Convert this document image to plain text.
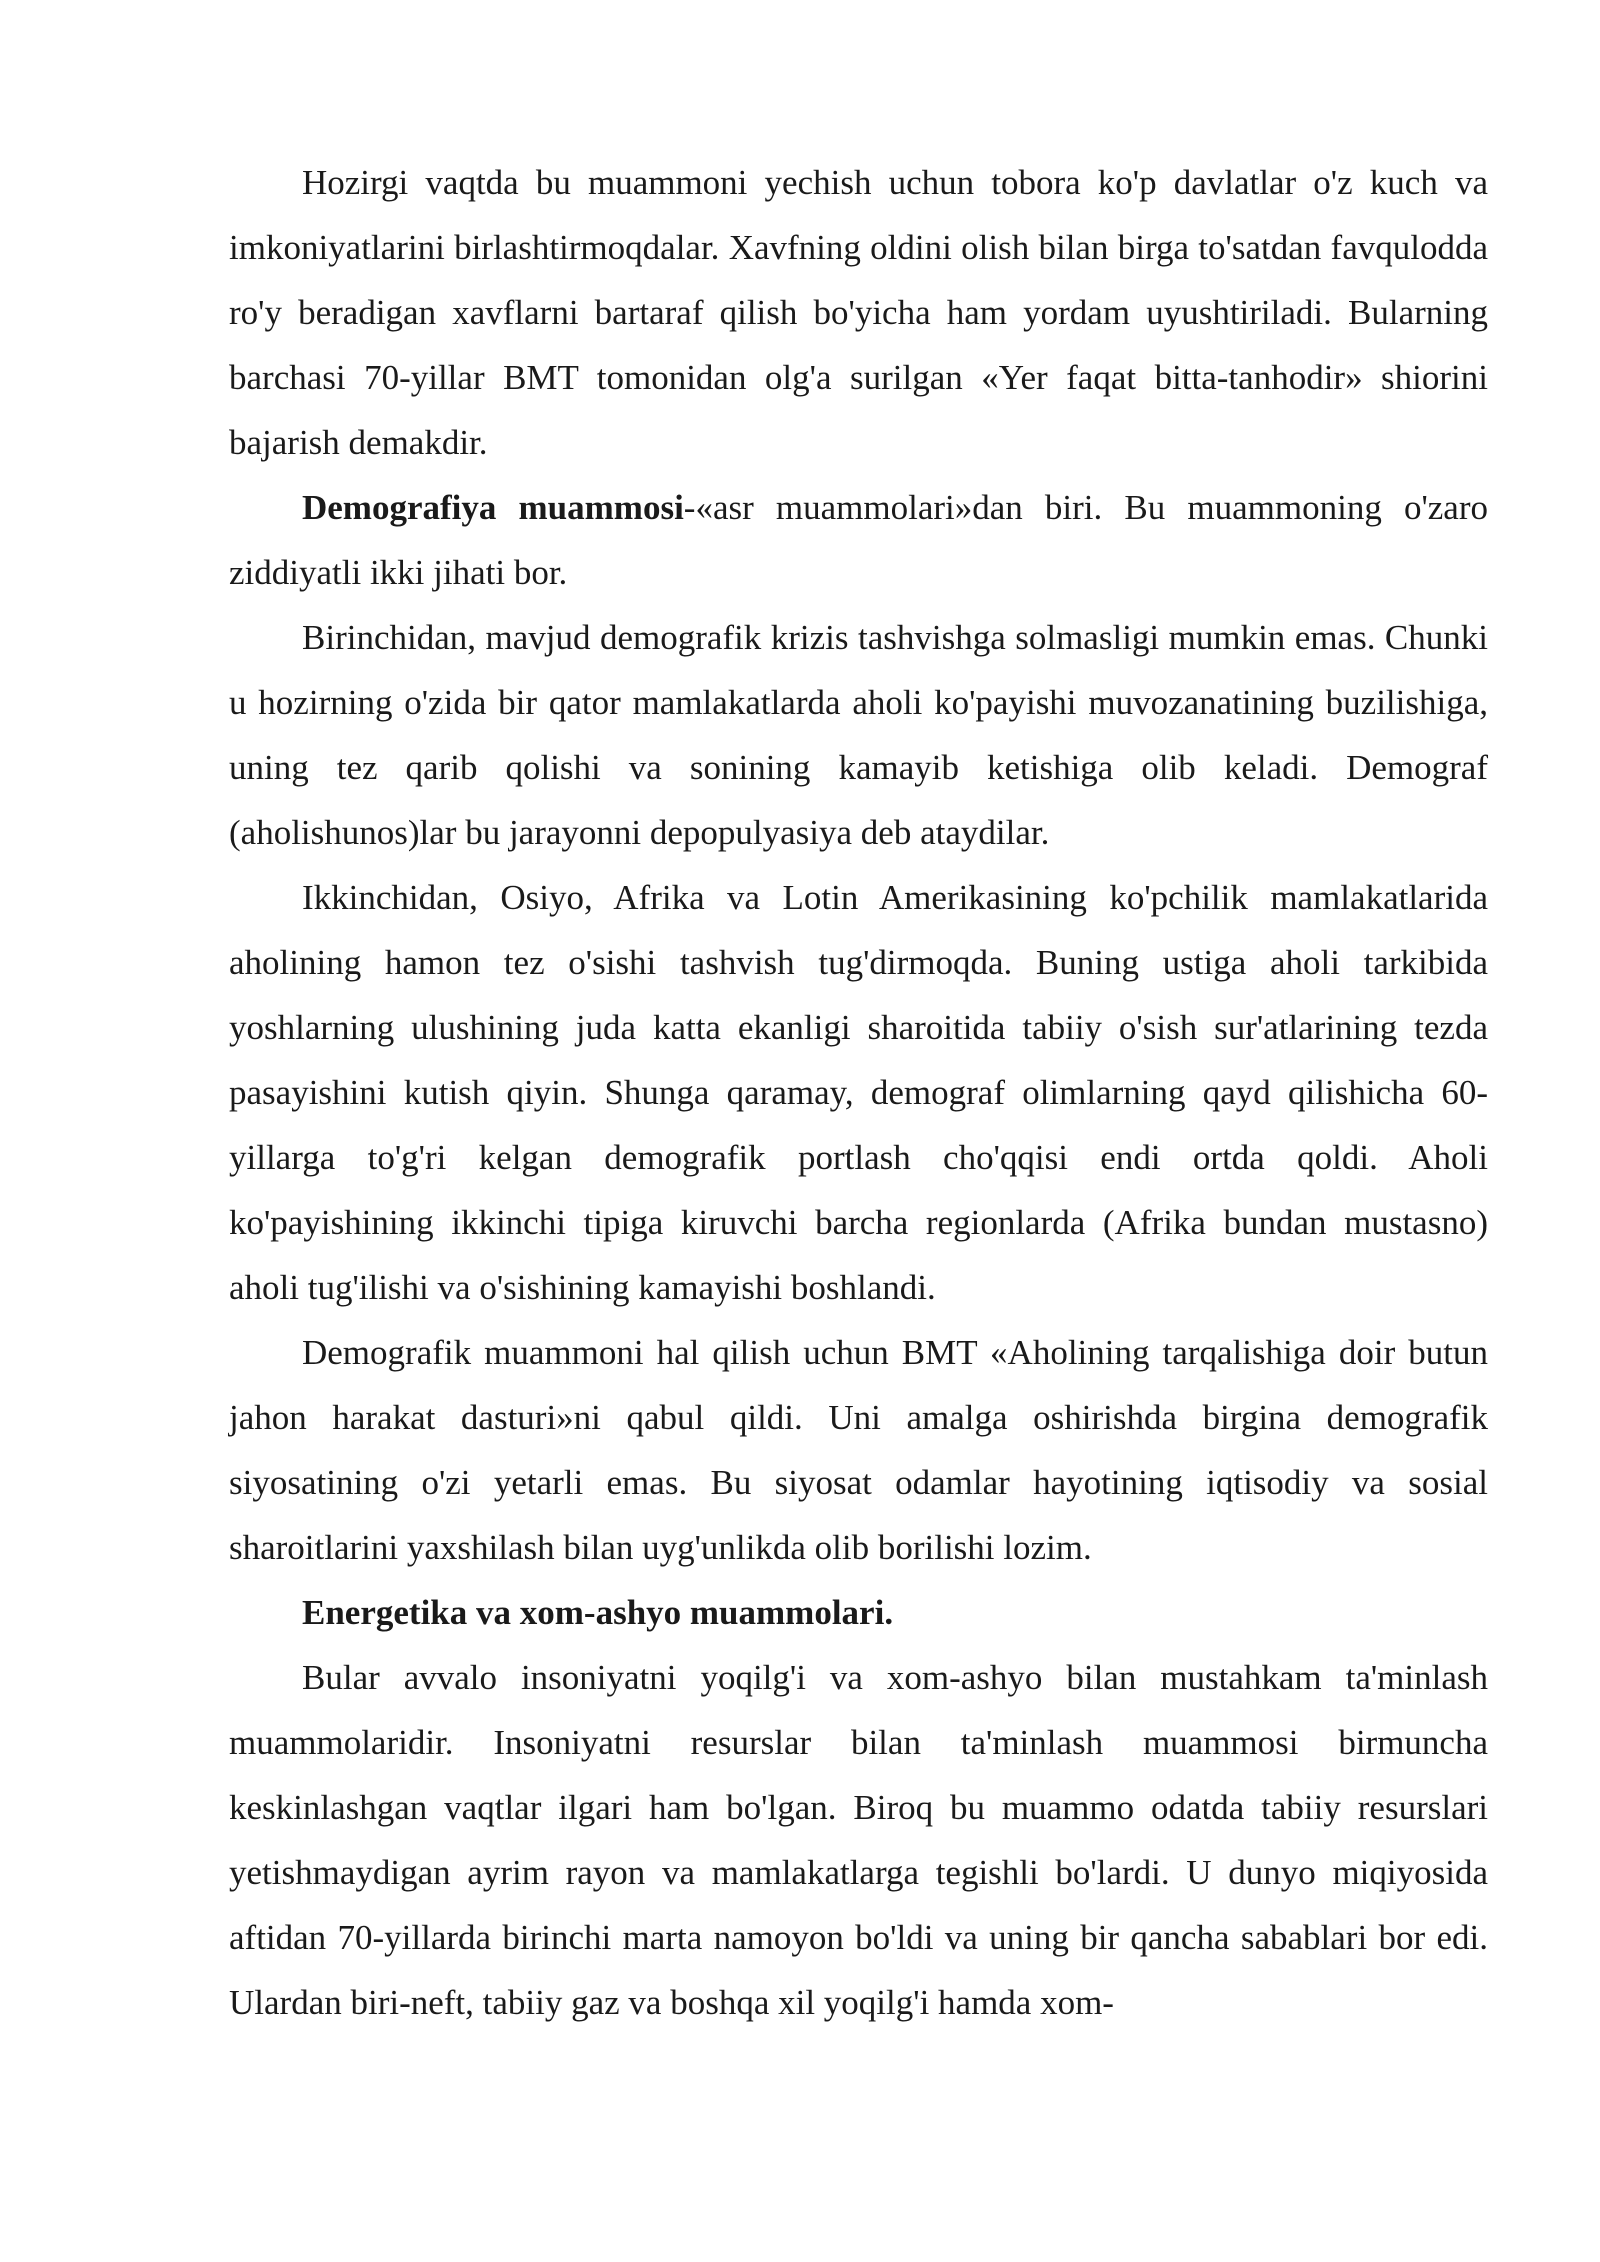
Hozirgi vaqtda bu muammoni yechish uchun tobora ko'p davlatlar o'z kuch va imkoniyatlarini birlashtirmoqdalar. Xavfning oldini olish bilan birga to'satdan favqulodda ro'y beradigan xavflarni bartaraf qilish bo'yicha ham yordam uyushtiriladi. Bularning barchasi 70-yillar BMT tomonidan olg'a surilgan «Yer faqat bitta-tanhodir» shiorini bajarish demakdir.

Demografiya muammosi-«asr muammolari»dan biri. Bu muammoning o'zaro ziddiyatli ikki jihati bor.

Birinchidan, mavjud demografik krizis tashvishga solmasligi mumkin emas. Chunki u hozirning o'zida bir qator mamlakatlarda aholi ko'payishi muvozanatining buzilishiga, uning tez qarib qolishi va sonining kamayib ketishiga olib keladi. Demograf (aholishunos)lar bu jarayonni depopulyasiya deb ataydilar.

Ikkinchidan, Osiyo, Afrika va Lotin Amerikasining ko'pchilik mamlakatlarida aholining hamon tez o'sishi tashvish tug'dirmoqda. Buning ustiga aholi tarkibida yoshlarning ulushining juda katta ekanligi sharoitida tabiiy o'sish sur'atlarining tezda pasayishini kutish qiyin. Shunga qaramay, demograf olimlarning qayd qilishicha 60-yillarga to'g'ri kelgan demografik portlash cho'qqisi endi ortda qoldi. Aholi ko'payishining ikkinchi tipiga kiruvchi barcha regionlarda (Afrika bundan mustasno) aholi tug'ilishi va o'sishining kamayishi boshlandi.

Demografik muammoni hal qilish uchun BMT «Aholining tarqalishiga doir butun jahon harakat dasturi»ni qabul qildi. Uni amalga oshirishda birgina demografik siyosatining o'zi yetarli emas. Bu siyosat odamlar hayotining iqtisodiy va sosial sharoitlarini yaxshilash bilan uyg'unlikda olib borilishi lozim.

Energetika va xom-ashyo muammolari.

Bular avvalo insoniyatni yoqilg'i va xom-ashyo bilan mustahkam ta'minlash muammolaridir. Insoniyatni resurslar bilan ta'minlash muammosi birmuncha keskinlashgan vaqtlar ilgari ham bo'lgan. Biroq bu muammo odatda tabiiy resurslari yetishmaydigan ayrim rayon va mamlakatlarga tegishli bo'lardi. U dunyo miqiyosida aftidan 70-yillarda birinchi marta namoyon bo'ldi va uning bir qancha sabablari bor edi. Ulardan biri-neft, tabiiy gaz va boshqa xil yoqilg'i hamda xom-
